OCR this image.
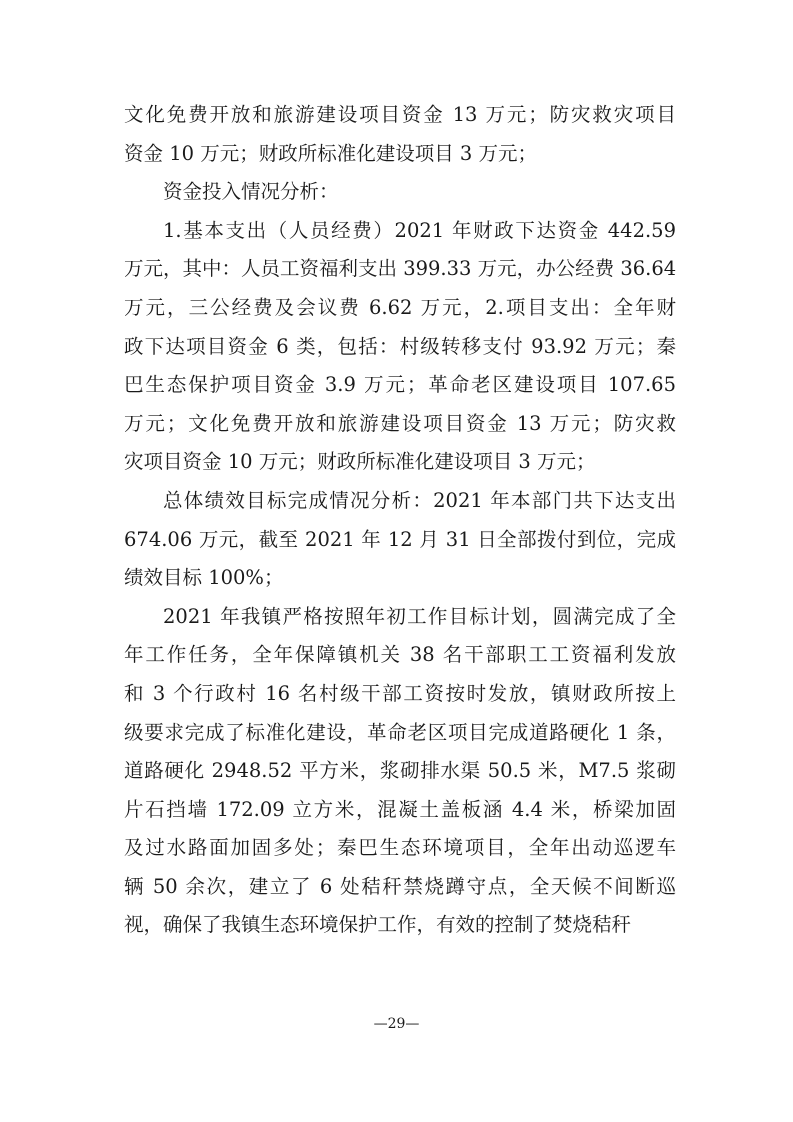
文化免费开放和旅游建设项目资金 13 万元；防灾救灾项目
资金 10 万元；财政所标准化建设项目 3 万元；
资金投入情况分析：
1.基本支出（人员经费）2021 年财政下达资金 442.59
万元，其中：人员工资福利支出 399.33 万元，办公经费 36.64
万元，三公经费及会议费 6.62 万元，2.项目支出：全年财
政下达项目资金 6 类，包括：村级转移支付 93.92 万元；秦
巴生态保护项目资金 3.9 万元；革命老区建设项目 107.65
万元；文化免费开放和旅游建设项目资金 13 万元；防灾救
灾项目资金 10 万元；财政所标准化建设项目 3 万元；
总体绩效目标完成情况分析：2021 年本部门共下达支出
674.06 万元，截至 2021 年 12 月 31 日全部拨付到位，完成
绩效目标 100%；
2021 年我镇严格按照年初工作目标计划，圆满完成了全
年工作任务，全年保障镇机关 38 名干部职工工资福利发放
和 3 个行政村 16 名村级干部工资按时发放，镇财政所按上
级要求完成了标准化建设，革命老区项目完成道路硬化 1 条，
道路硬化 2948.52 平方米，浆砌排水渠 50.5 米，M7.5 浆砌
片石挡墙 172.09 立方米，混凝土盖板涵 4.4 米，桥梁加固
及过水路面加固多处；秦巴生态环境项目，全年出动巡逻车
辆 50 余次，建立了 6 处秸秆禁烧蹲守点，全天候不间断巡
视，确保了我镇生态环境保护工作，有效的控制了焚烧秸秆
—29—
